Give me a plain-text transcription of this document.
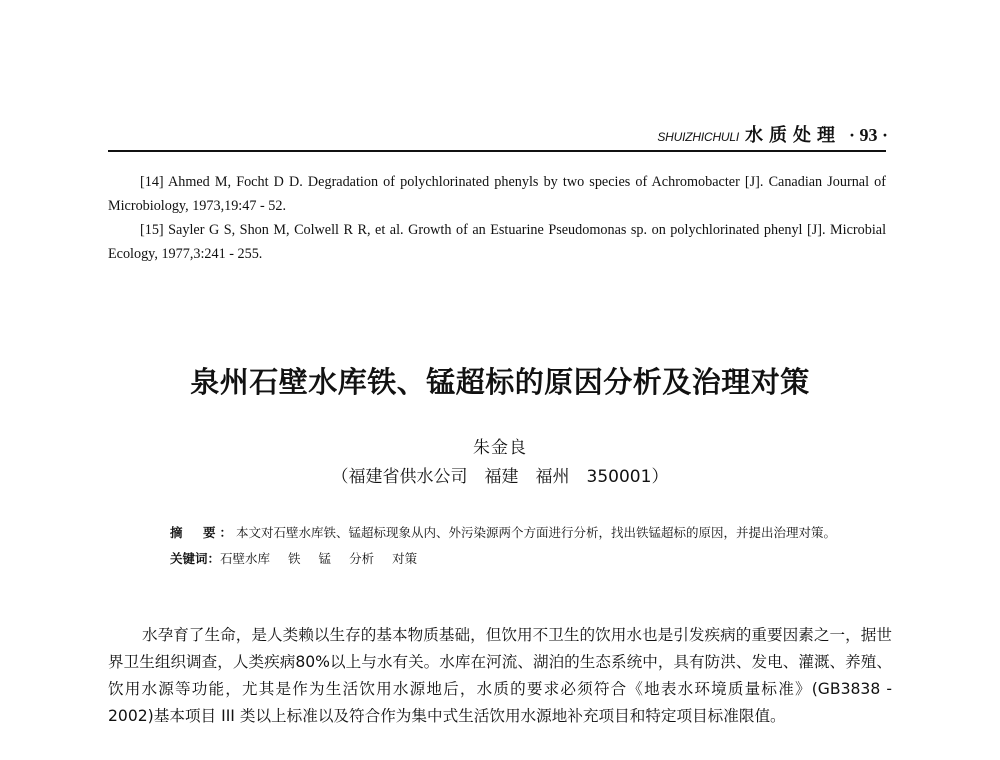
SHUIZHICHULI 水质处理 · 93 ·

[14] Ahmed M, Focht D D. Degradation of polychlorinated phenyls by two species of Achromobacter [J]. Canadian Journal of Microbiology, 1973,19:47 - 52.

[15] Sayler G S, Shon M, Colwell R R, et al. Growth of an Estuarine Pseudomonas sp. on polychlorinated phenyl [J]. Microbial Ecology, 1977,3:241 - 255.

泉州石壁水库铁、锰超标的原因分析及治理对策
朱金良
（福建省供水公司　福建　福州　350001）

摘　要：本文对石壁水库铁、锰超标现象从内、外污染源两个方面进行分析，找出铁锰超标的原因，并提出治理对策。

关键词：石壁水库 铁 锰 分析 对策

水孕育了生命，是人类赖以生存的基本物质基础，但饮用不卫生的饮用水也是引发疾病的重要因素之一，据世界卫生组织调查，人类疾病80%以上与水有关。水库在河流、湖泊的生态系统中，具有防洪、发电、灌溉、养殖、饮用水源等功能，尤其是作为生活饮用水源地后，水质的要求必须符合《地表水环境质量标准》(GB3838 - 2002)基本项目 III 类以上标准以及符合作为集中式生活饮用水源地补充项目和特定项目标准限值。
